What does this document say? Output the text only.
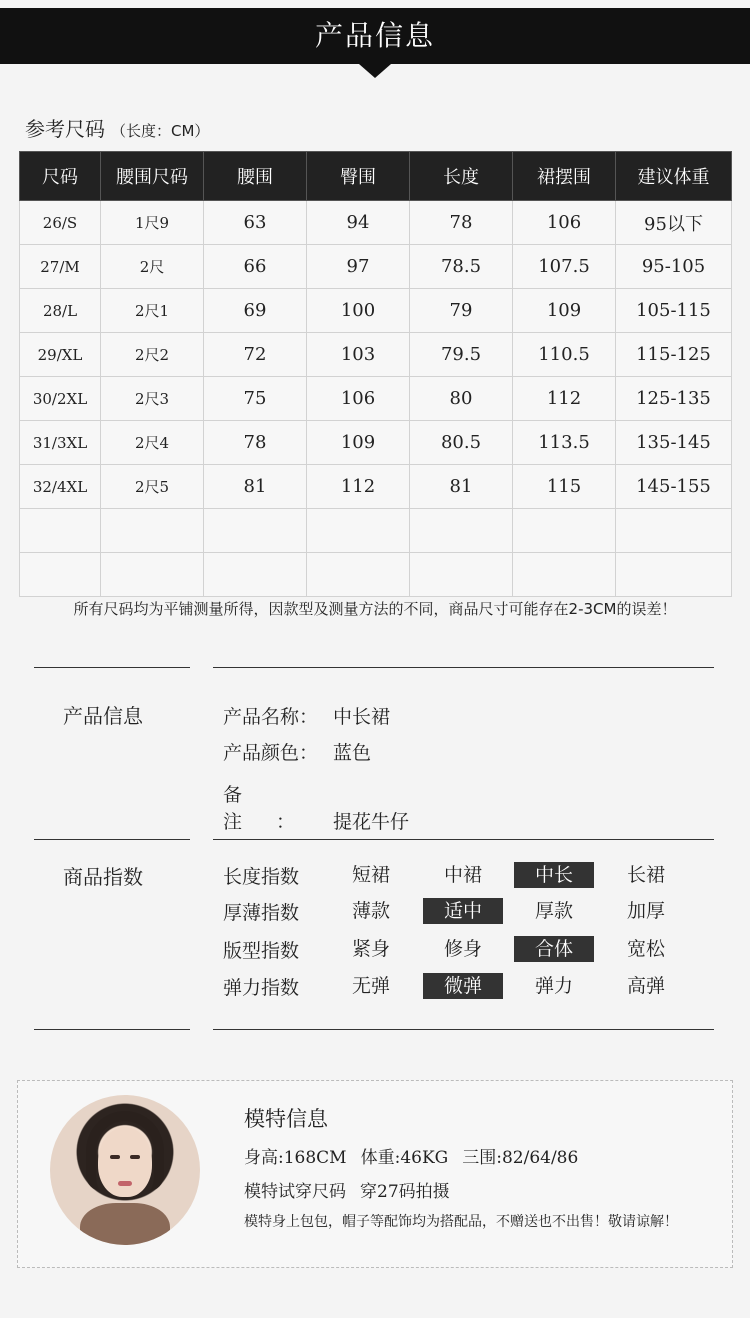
产品信息
参考尺码 （长度：CM）
尺码	腰围尺码	腰围	臀围	长度	裙摆围	建议体重
26/S	1尺9	63	94	78	106	95以下
27/M	2尺	66	97	78.5	107.5	95-105
28/L	2尺1	69	100	79	109	105-115
29/XL	2尺2	72	103	79.5	110.5	115-125
30/2XL	2尺3	75	106	80	112	125-135
31/3XL	2尺4	78	109	80.5	113.5	135-145
32/4XL	2尺5	81	112	81	115	145-155

所有尺码均为平铺测量所得，因款型及测量方法的不同，商品尺寸可能存在2-3CM的误差！
产品信息	产品名称： 中长裙
产品颜色： 蓝色
备注： 提花牛仔
商品指数	长度指数	短裙	中裙	中长	长裙
厚薄指数	薄款	适中	厚款	加厚
版型指数	紧身	修身	合体	宽松
弹力指数	无弹	微弹	弹力	高弹
模特信息
身高:168CM 体重:46KG 三围:82/64/86
模特试穿尺码 穿27码拍摄
模特身上包包，帽子等配饰均为搭配品，不赠送也不出售！敬请谅解！
